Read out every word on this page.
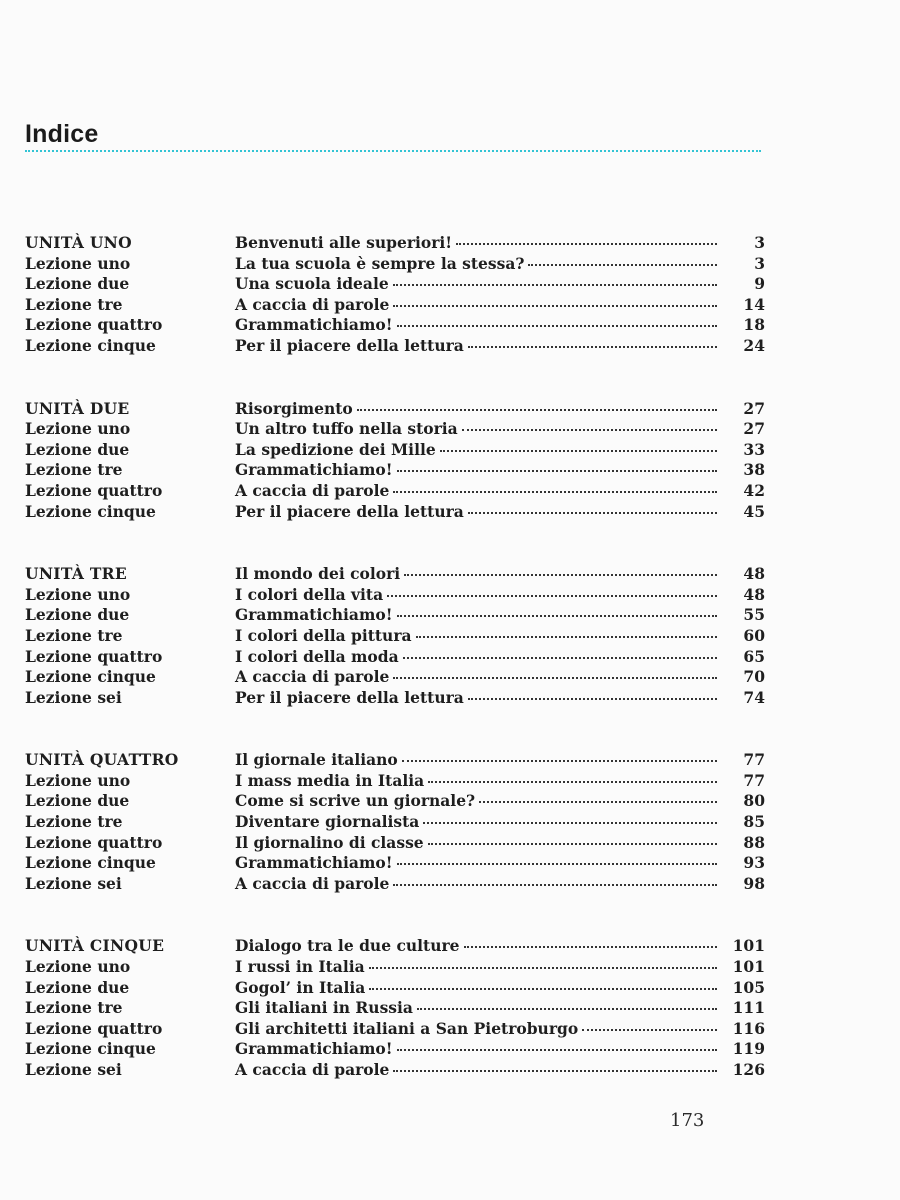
Indice
UNITÀ UNO	Benvenuti alle superiori!	3
Lezione uno	La tua scuola è sempre la stessa?	3
Lezione due	Una scuola ideale	9
Lezione tre	A caccia di parole	14
Lezione quattro	Grammatichiamo!	18
Lezione cinque	Per il piacere della lettura	24
UNITÀ DUE	Risorgimento	27
Lezione uno	Un altro tuffo nella storia	27
Lezione due	La spedizione dei Mille	33
Lezione tre	Grammatichiamo!	38
Lezione quattro	A caccia di parole	42
Lezione cinque	Per il piacere della lettura	45
UNITÀ TRE	Il mondo dei colori	48
Lezione uno	I colori della vita	48
Lezione due	Grammatichiamo!	55
Lezione tre	I colori della pittura	60
Lezione quattro	I colori della moda	65
Lezione cinque	A caccia di parole	70
Lezione sei	Per il piacere della lettura	74
UNITÀ QUATTRO	Il giornale italiano	77
Lezione uno	I mass media in Italia	77
Lezione due	Come si scrive un giornale?	80
Lezione tre	Diventare giornalista	85
Lezione quattro	Il giornalino di classe	88
Lezione cinque	Grammatichiamo!	93
Lezione sei	A caccia di parole	98
UNITÀ CINQUE	Dialogo tra le due culture	101
Lezione uno	I russi in Italia	101
Lezione due	Gogol’ in Italia	105
Lezione tre	Gli italiani in Russia	111
Lezione quattro	Gli architetti italiani a San Pietroburgo	116
Lezione cinque	Grammatichiamo!	119
Lezione sei	A caccia di parole	126
173
